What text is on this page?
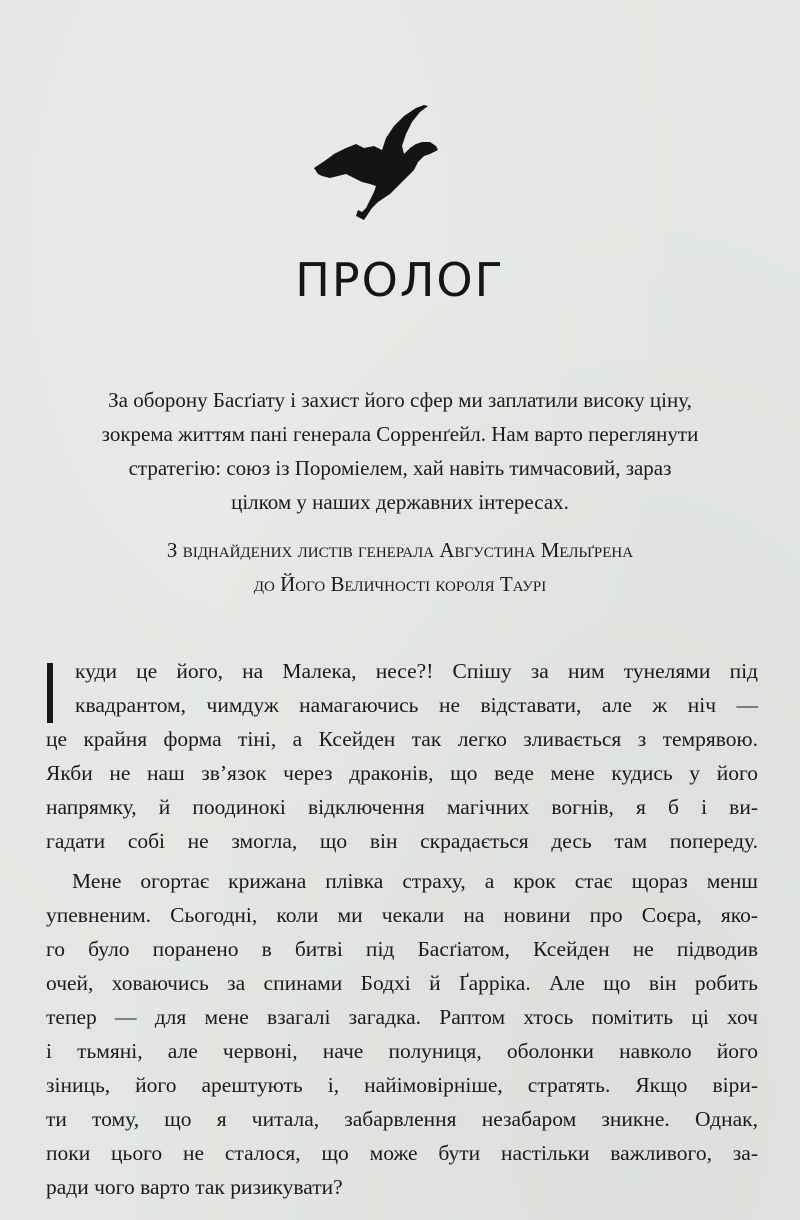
ПРОЛОГ
За оборону Басґіату і захист його сфер ми заплатили високу ціну,
зокрема життям пані генерала Сорренґейл. Нам варто переглянути
стратегію: союз із Пороміелем, хай навіть тимчасовий, зараз
цілком у наших державних інтересах.
З віднайдених листів генерала Августина Мельґрена
до Його Величності короля Таурі
куди це його, на Малека, несе?! Спішу за ним тунелями під
квадрантом, чимдуж намагаючись не відставати, але ж ніч —
це крайня форма тіні, а Ксейден так легко зливається з темрявою.
Якби не наш зв’язок через драконів, що веде мене кудись у його
напрямку, й поодинокі відключення магічних вогнів, я б і ви-
гадати собі не змогла, що він скрадається десь там попереду.
Мене огортає крижана плівка страху, а крок стає щораз менш
упевненим. Сьогодні, коли ми чекали на новини про Соєра, яко-
го було поранено в битві під Басґіатом, Ксейден не підводив
очей, ховаючись за спинами Бодхі й Ґарріка. Але що він робить
тепер — для мене взагалі загадка. Раптом хтось помітить ці хоч
і тьмяні, але червоні, наче полуниця, оболонки навколо його
зіниць, його арештують і, найімовірніше, стратять. Якщо віри-
ти тому, що я читала, забарвлення незабаром зникне. Однак,
поки цього не сталося, що може бути настільки важливого, за-
ради чого варто так ризикувати?
